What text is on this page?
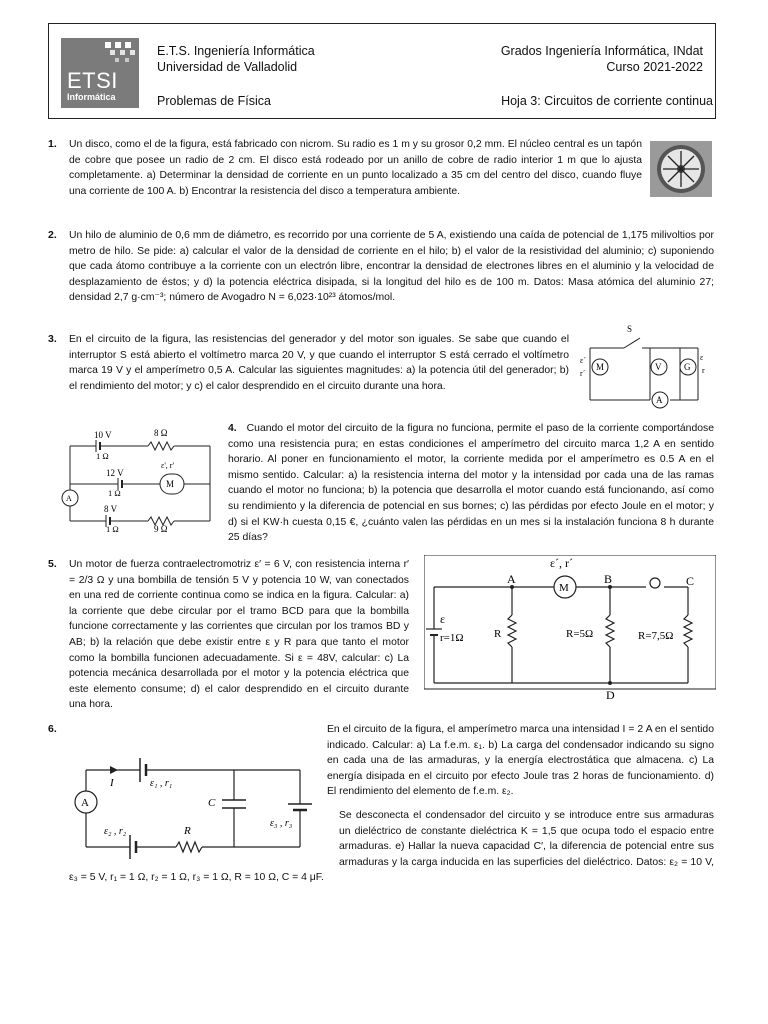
ETSI
Informática
E.T.S. Ingeniería Informática
Universidad de Valladolid
Problemas de Física
Grados Ingeniería Informática, INdat
Curso 2021-2022
Hoja 3: Circuitos de corriente continua
1. Un disco, como el de la figura, está fabricado con nicrom. Su radio es 1 m y su grosor 0,2 mm. El núcleo central es un tapón de cobre que posee un radio de 2 cm. El disco está rodeado por un anillo de cobre de radio interior 1 m que lo ajusta completamente. a) Determinar la densidad de corriente en un punto localizado a 35 cm del centro del disco, cuando fluye una corriente de 100 A. b) Encontrar la resistencia del disco a temperatura ambiente.
2. Un hilo de aluminio de 0,6 mm de diámetro, es recorrido por una corriente de 5 A, existiendo una caída de potencial de 1,175 milivoltios por metro de hilo. Se pide: a) calcular el valor de la densidad de corriente en el hilo; b) el valor de la resistividad del aluminio; c) suponiendo que cada átomo contribuye a la corriente con un electrón libre, encontrar la densidad de electrones libres en el aluminio y la velocidad de desplazamiento de éstos; y d) la potencia eléctrica disipada, si la longitud del hilo es de 100 m. Datos: Masa atómica del aluminio 27; densidad 2,7 g·cm⁻³; número de Avogadro N = 6,023·10²³ átomos/mol.
3. En el circuito de la figura, las resistencias del generador y del motor son iguales. Se sabe que cuando el interruptor S está abierto el voltímetro marca 20 V, y que cuando el interruptor S está cerrado el voltímetro marca 19 V y el amperímetro 0,5 A. Calcular las siguientes magnitudes: a) la potencia útil del generador; b) el rendimiento del motor; y c) el calor desprendido en el circuito durante una hora.
S
ε´
r´
M	V	G
ε
r
A
10 V
1 Ω
8 Ω
ε', r'
M
12 V
1 Ω
A
8 V
1 Ω	9 Ω
4. Cuando el motor del circuito de la figura no funciona, permite el paso de la corriente comportándose como una resistencia pura; en estas condiciones el amperímetro del circuito marca 1,2 A en sentido horario. Al poner en funcionamiento el motor, la corriente medida por el amperímetro es 0.5 A en el mismo sentido. Calcular: a) la resistencia interna del motor y la intensidad por cada una de las ramas cuando el motor no funciona; b) la potencia que desarrolla el motor cuando está funcionando, así como su rendimiento y la diferencia de potencial en sus bornes; c) las pérdidas por efecto Joule en el motor; y d) si el KW·h cuesta 0,15 €, ¿cuánto valen las pérdidas en un mes si la instalación funciona 8 h durante 25 días?
5. Un motor de fuerza contraelectromotriz ε′ = 6 V, con resistencia interna r′ = 2/3 Ω y una bombilla de tensión 5 V y potencia 10 W, van conectados en una red de corriente continua como se indica en la figura. Calcular: a) la corriente que debe circular por el tramo BCD para que la bombilla funcione correctamente y las corrientes que circulan por los tramos BD y AB; b) la relación que debe existir entre ε y R para que tanto el motor como la bombilla funcionen adecuadamente. Si ε = 48V, calcular: c) La potencia mecánica desarrollada por el motor y la potencia eléctrica que este elemento consume; d) el calor desprendido en el circuito durante una hora.
ε´, r´
M
A	B	C
D
ε
r=1Ω	R	R=5Ω	R=7,5Ω
6.	En el circuito de la figura, el amperímetro marca una intensidad I = 2 A en el sentido indicado. Calcular: a) La f.e.m. ε₁. b) La carga del condensador indicando su signo en cada una de las armaduras, y la energía electrostática que almacena. c) La energía disipada en el circuito por efecto Joule tras 2 horas de funcionamiento. d) El rendimiento del elemento de f.e.m. ε₂.
Se desconecta el condensador del circuito y se introduce entre sus armaduras un dieléctrico de constante dieléctrica K = 1,5 que ocupa todo el espacio entre armaduras. e) Hallar la nueva capacidad C′, la diferencia de potencial entre sus armaduras y la carga inducida en las superficies del dieléctrico. Datos: ε₂ = 10 V, ε₃ = 5 V, r₁ = 1 Ω, r₂ = 1 Ω, r₃ = 1 Ω, R = 10 Ω, C = 4 μF.
A
I	ε₁ , r₁
C
ε₂ , r₂	R
ε₃ , r₃
